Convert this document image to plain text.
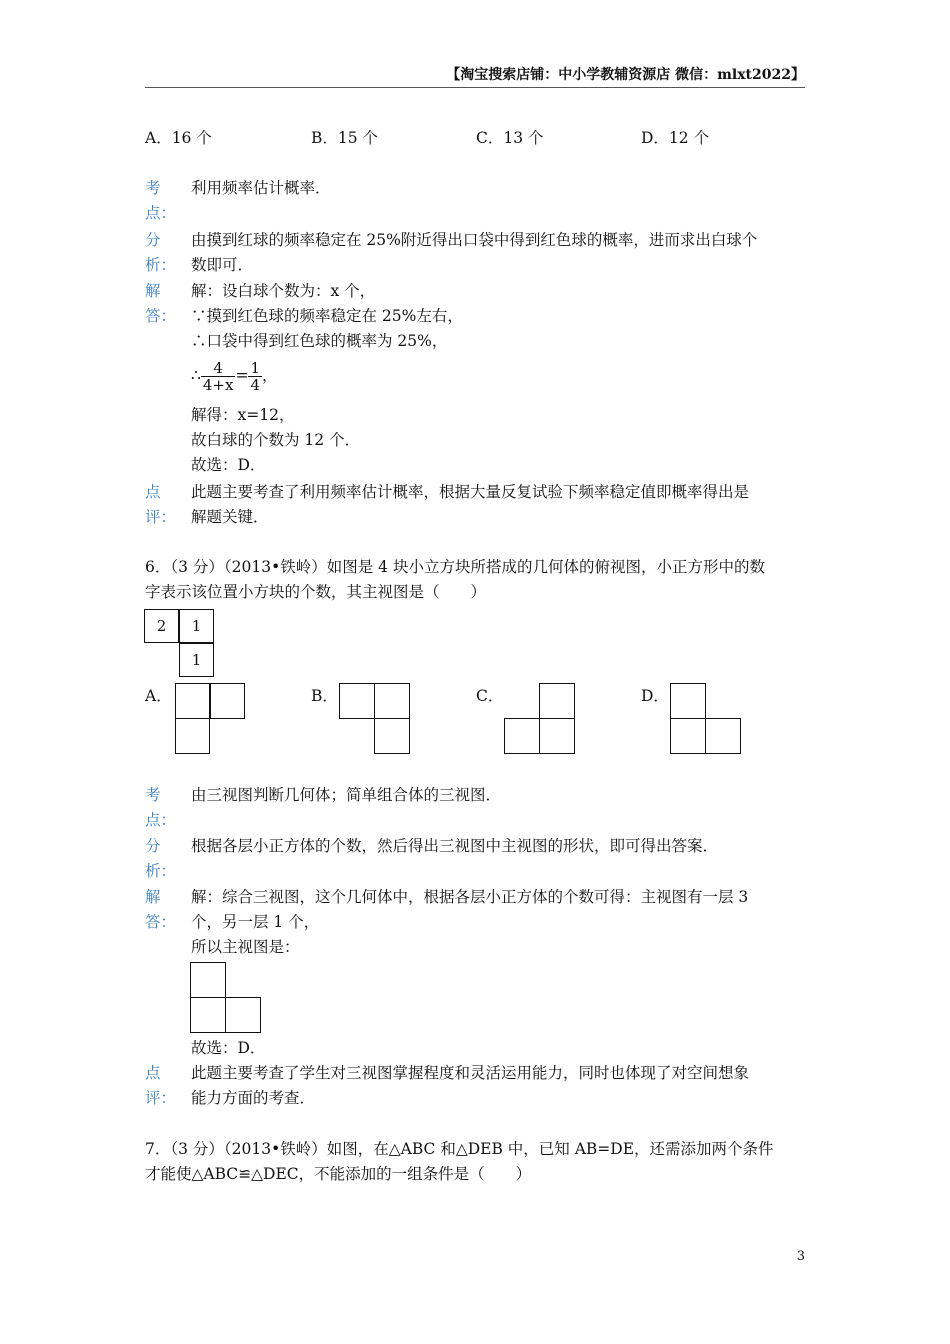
【淘宝搜索店铺：中小学教辅资源店 微信：mlxt2022】
A．16 个	B．15 个	C．13 个	D．12 个
考点：
利用频率估计概率．
分析：
由摸到红球的频率稳定在 25%附近得出口袋中得到红色球的概率，进而求出白球个
数即可．
解答：
解：设白球个数为：x 个，
∵摸到红色球的频率稳定在 25%左右，
∴口袋中得到红色球的概率为 25%，
∴ $\frac{4}{4+x} = \frac{1}{4}$ ，
解得：x=12，
故白球的个数为 12 个．
故选：D．
点评：
此题主要考查了利用频率估计概率，根据大量反复试验下频率稳定值即概率得出是
解题关键．
6．（3 分）（2013•铁岭）如图是 4 块小立方块所搭成的几何体的俯视图，小正方形中的数
字表示该位置小方块的个数，其主视图是（　　）
2	1
1
A．	B．	C．	D．
考点：
由三视图判断几何体；简单组合体的三视图．
分析：
根据各层小正方体的个数，然后得出三视图中主视图的形状，即可得出答案．
解答：
解：综合三视图，这个几何体中，根据各层小正方体的个数可得：主视图有一层 3
个，另一层 1 个，
所以主视图是：
故选：D．
点评：
此题主要考查了学生对三视图掌握程度和灵活运用能力，同时也体现了对空间想象
能力方面的考查．
7．（3 分）（2013•铁岭）如图，在△ABC 和△DEB 中，已知 AB=DE，还需添加两个条件
才能使△ABC≌△DEC，不能添加的一组条件是（　　）
3
